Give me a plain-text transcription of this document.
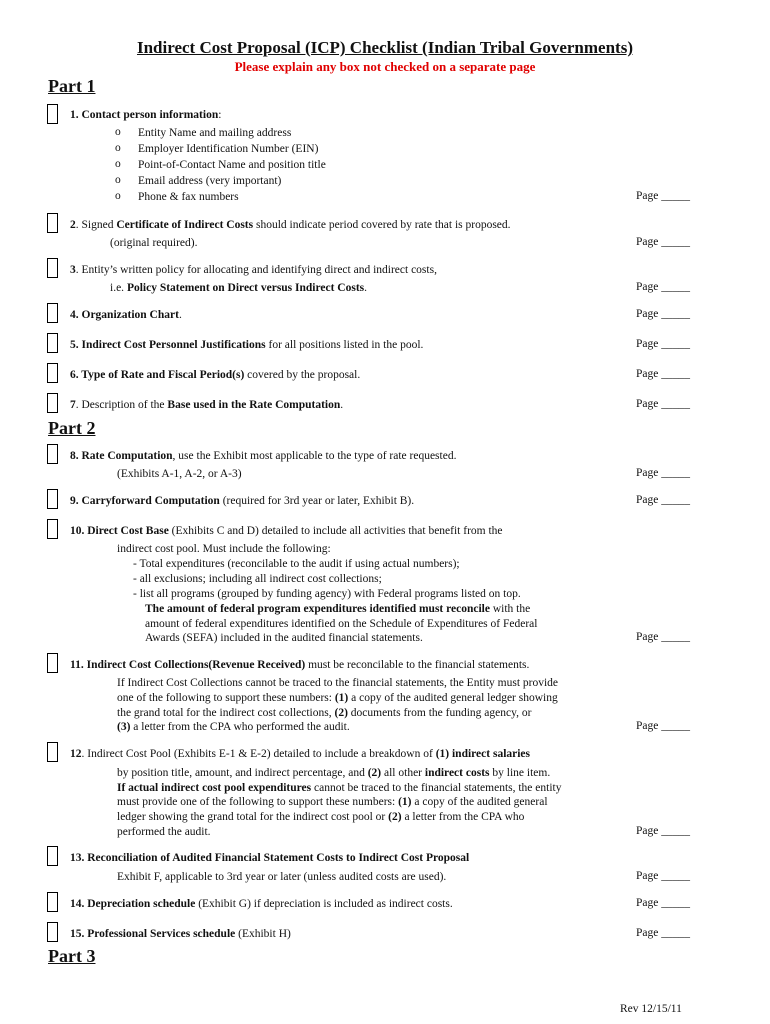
Indirect Cost Proposal (ICP) Checklist (Indian Tribal Governments)
Please explain any box not checked on a separate page
Part 1
1. Contact person information:
o Entity Name and mailing address
o Employer Identification Number (EIN)
o Point-of-Contact Name and position title
o Email address (very important)
o Phone & fax numbers	Page _____
2. Signed Certificate of Indirect Costs should indicate period covered by rate that is proposed.
(original required).	Page _____
3. Entity’s written policy for allocating and identifying direct and indirect costs,
i.e. Policy Statement on Direct versus Indirect Costs.	Page _____
4. Organization Chart.	Page _____
5. Indirect Cost Personnel Justifications for all positions listed in the pool.	Page _____
6. Type of Rate and Fiscal Period(s) covered by the proposal.	Page _____
7. Description of the Base used in the Rate Computation.	Page _____
Part 2
8. Rate Computation, use the Exhibit most applicable to the type of rate requested.
(Exhibits A-1, A-2, or A-3)	Page _____
9. Carryforward Computation (required for 3rd year or later, Exhibit B).	Page _____
10. Direct Cost Base (Exhibits C and D) detailed to include all activities that benefit from the
indirect cost pool. Must include the following:
- Total expenditures (reconcilable to the audit if using actual numbers);
- all exclusions; including all indirect cost collections;
- list all programs (grouped by funding agency) with Federal programs listed on top.
The amount of federal program expenditures identified must reconcile with the
amount of federal expenditures identified on the Schedule of Expenditures of Federal
Awards (SEFA) included in the audited financial statements.	Page _____
11. Indirect Cost Collections(Revenue Received) must be reconcilable to the financial statements.
If Indirect Cost Collections cannot be traced to the financial statements, the Entity must provide
one of the following to support these numbers: (1) a copy of the audited general ledger showing
the grand total for the indirect cost collections, (2) documents from the funding agency, or
(3) a letter from the CPA who performed the audit.	Page _____
12. Indirect Cost Pool (Exhibits E-1 & E-2) detailed to include a breakdown of (1) indirect salaries
by position title, amount, and indirect percentage, and (2) all other indirect costs by line item.
If actual indirect cost pool expenditures cannot be traced to the financial statements, the entity
must provide one of the following to support these numbers: (1) a copy of the audited general
ledger showing the grand total for the indirect cost pool or (2) a letter from the CPA who
performed the audit.	Page _____
13. Reconciliation of Audited Financial Statement Costs to Indirect Cost Proposal
Exhibit F, applicable to 3rd year or later (unless audited costs are used).	Page _____
14. Depreciation schedule (Exhibit G) if depreciation is included as indirect costs.	Page _____
15. Professional Services schedule (Exhibit H)	Page _____
Part 3
Rev 12/15/11
